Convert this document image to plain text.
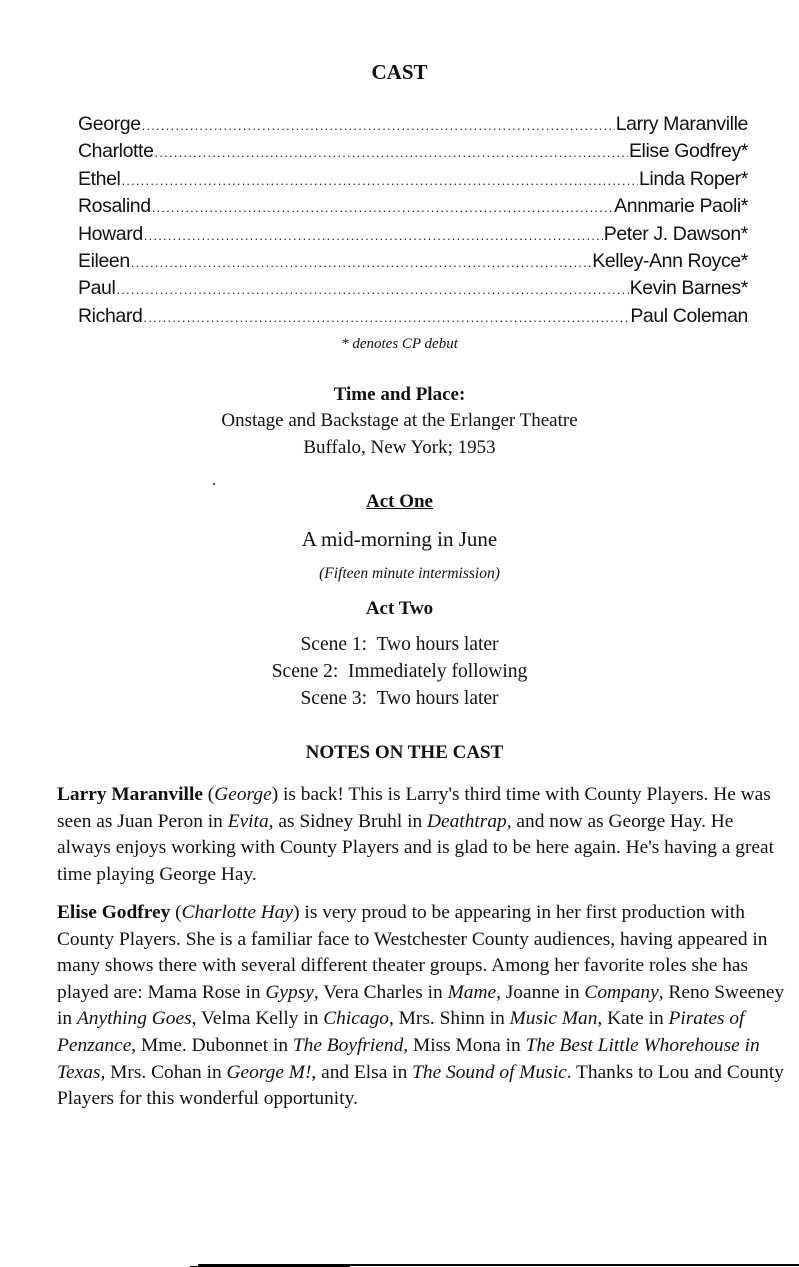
CAST
George .....	Larry Maranville
Charlotte .....	Elise Godfrey*
Ethel .....	Linda Roper*
Rosalind .....	Annmarie Paoli*
Howard .....	Peter J. Dawson*
Eileen .....	Kelley-Ann Royce*
Paul .....	Kevin Barnes*
Richard .....	Paul Coleman
* denotes CP debut
Time and Place:
Onstage and Backstage at the Erlanger Theatre
Buffalo, New York; 1953
Act One
A mid-morning in June
(Fifteen minute intermission)
Act Two
Scene 1:  Two hours later
Scene 2:  Immediately following
Scene 3:  Two hours later
NOTES ON THE CAST
Larry Maranville (George) is back! This is Larry's third time with County Players. He was seen as Juan Peron in Evita, as Sidney Bruhl in Deathtrap, and now as George Hay. He always enjoys working with County Players and is glad to be here again. He's having a great time playing George Hay.
Elise Godfrey (Charlotte Hay) is very proud to be appearing in her first production with County Players. She is a familiar face to Westchester County audiences, having appeared in many shows there with several different theater groups. Among her favorite roles she has played are: Mama Rose in Gypsy, Vera Charles in Mame, Joanne in Company, Reno Sweeney in Anything Goes, Velma Kelly in Chicago, Mrs. Shinn in Music Man, Kate in Pirates of Penzance, Mme. Dubonnet in The Boyfriend, Miss Mona in The Best Little Whorehouse in Texas, Mrs. Cohan in George M!, and Elsa in The Sound of Music. Thanks to Lou and County Players for this wonderful opportunity.
